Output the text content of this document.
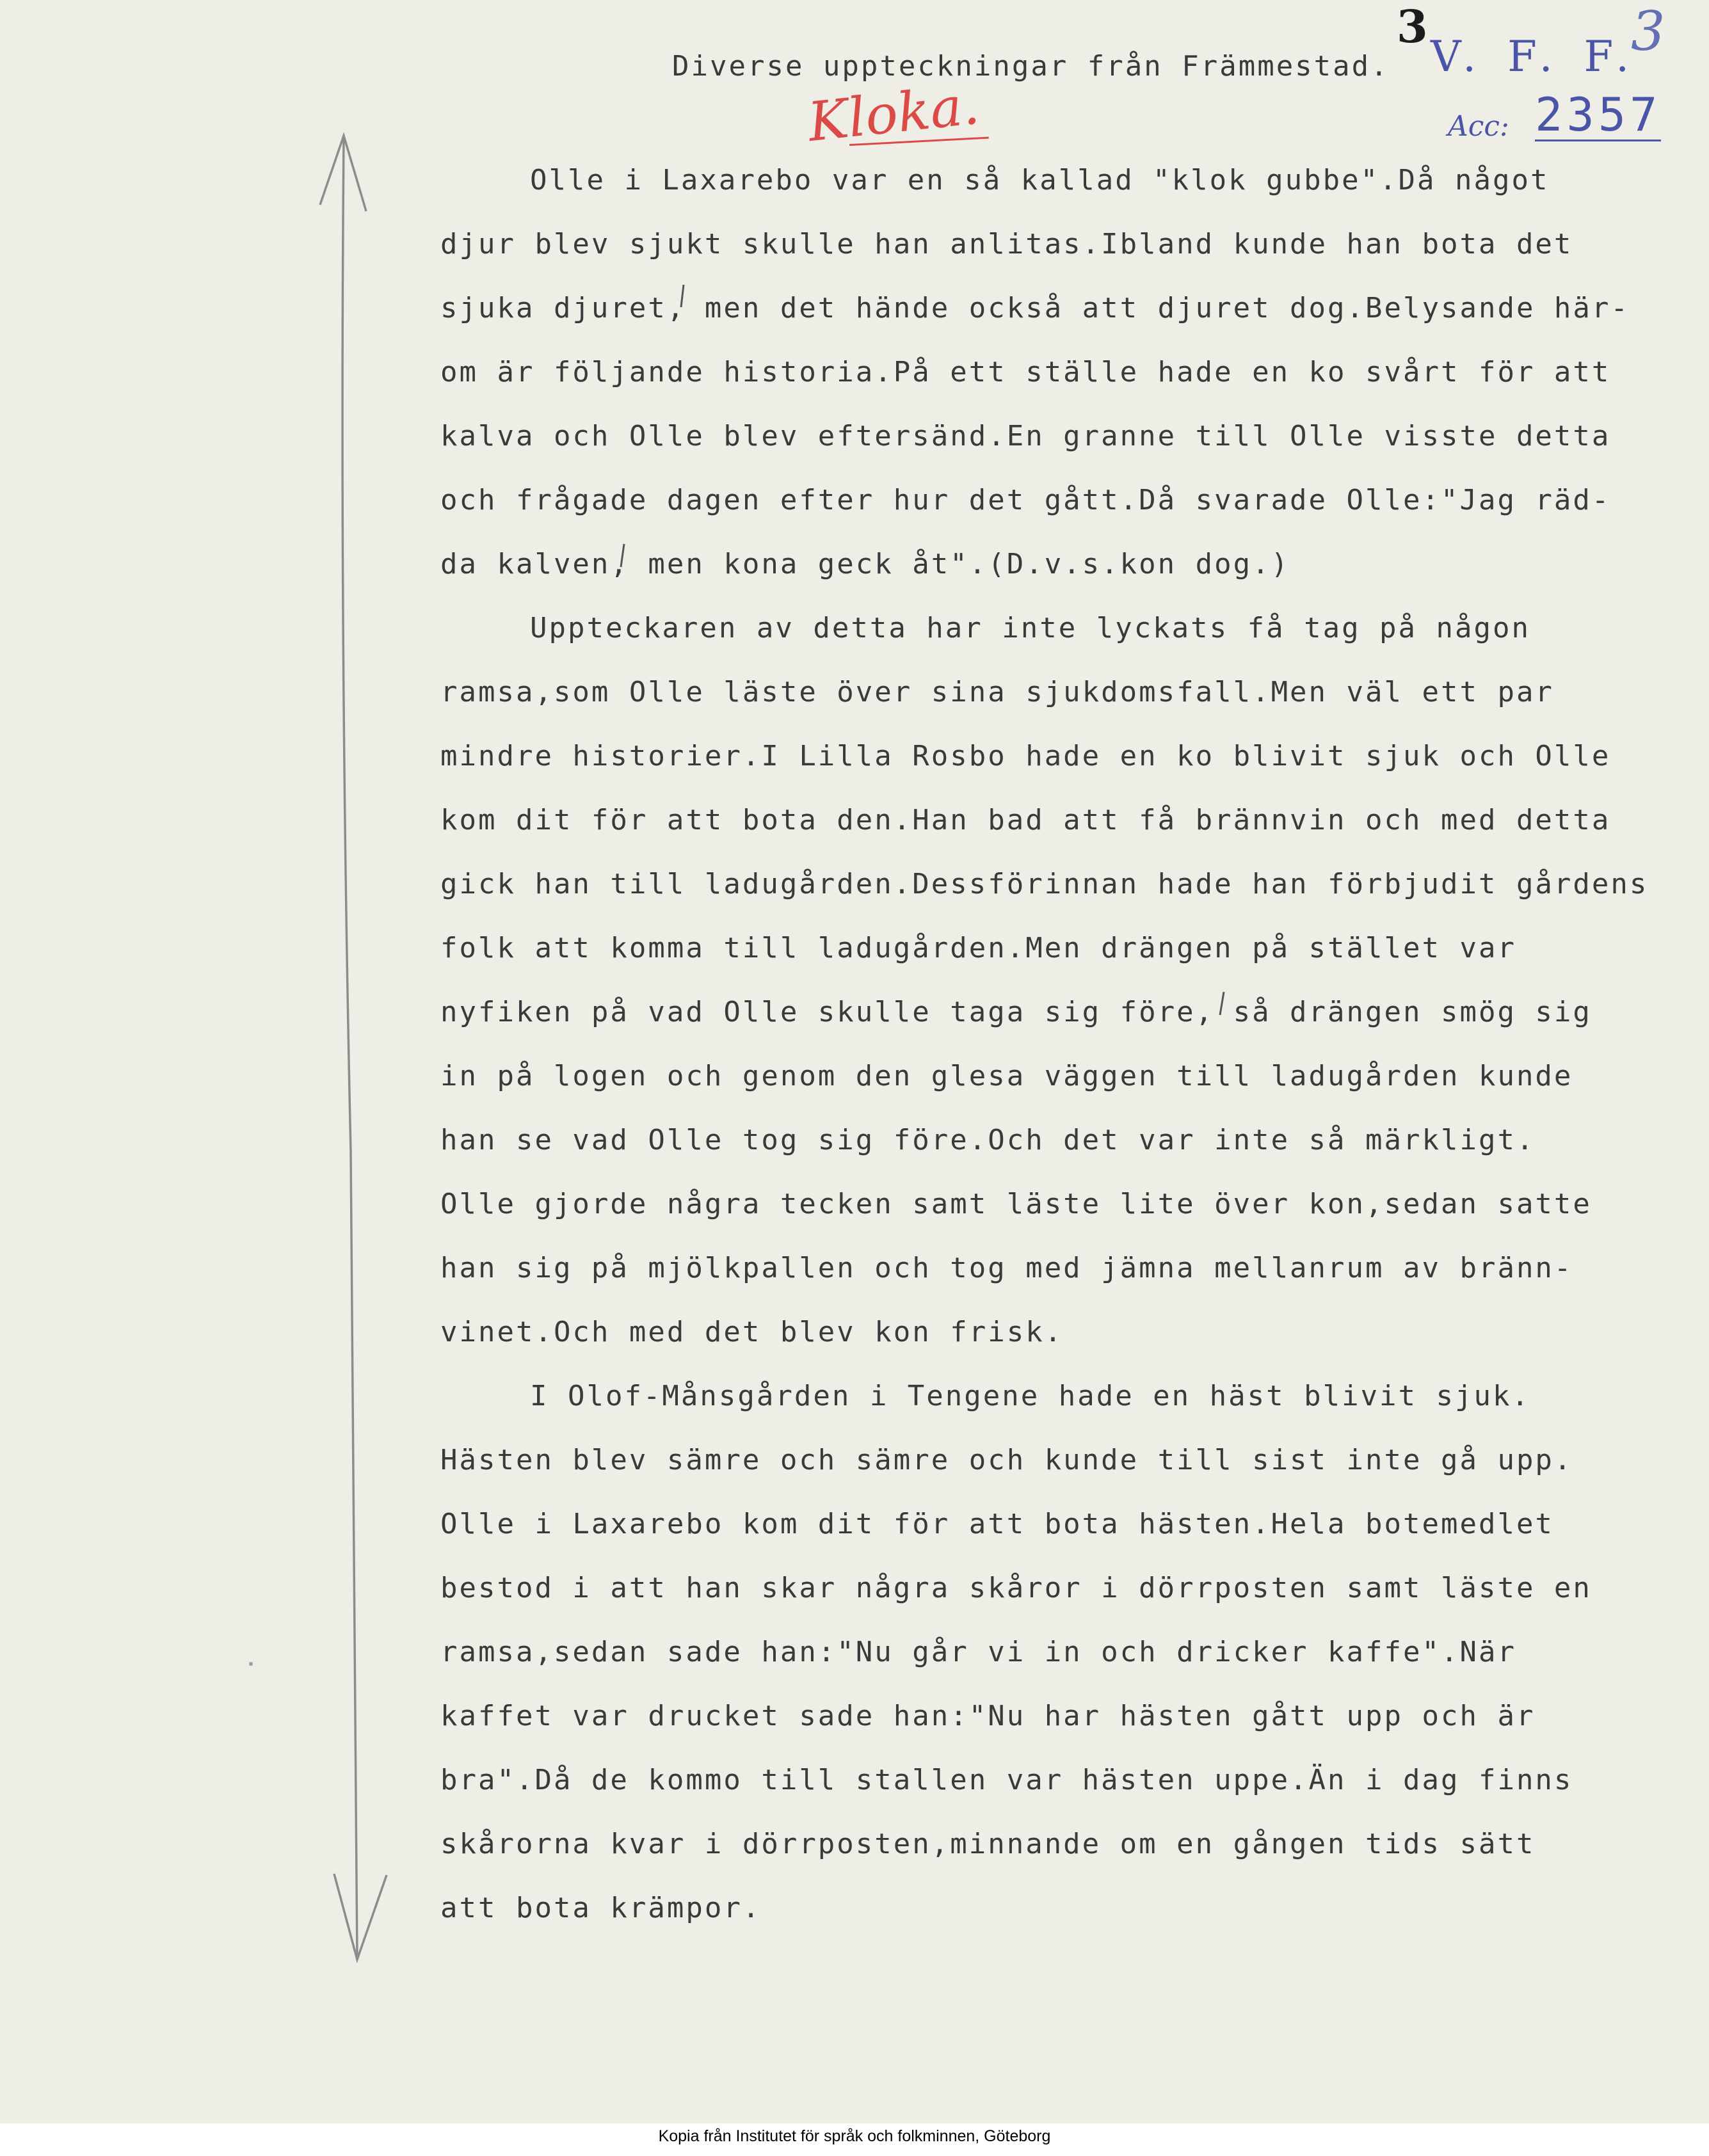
3
Diverse uppteckningar från Främmestad. V. F. F.
Acc: 2357
3
Kloka.
Olle i Laxarebo var en så kallad "klok gubbe".Då något
djur blev sjukt skulle han anlitas.Ibland kunde han bota det
sjuka djuret, men det hände också att djuret dog.Belysande här-
om är följande historia.På ett ställe hade en ko svårt för att
kalva och Olle blev eftersänd.En granne till Olle visste detta
och frågade dagen efter hur det gått.Då svarade Olle:"Jag räd-
da kalven, men kona geck åt".(D.v.s.kon dog.)
Uppteckaren av detta har inte lyckats få tag på någon
ramsa,som Olle läste över sina sjukdomsfall.Men väl ett par
mindre historier.I Lilla Rosbo hade en ko blivit sjuk och Olle
kom dit för att bota den.Han bad att få brännvin och med detta
gick han till ladugården.Dessförinnan hade han förbjudit gårdens
folk att komma till ladugården.Men drängen på stället var
nyfiken på vad Olle skulle taga sig före, så drängen smög sig
in på logen och genom den glesa väggen till ladugården kunde
han se vad Olle tog sig före.Och det var inte så märkligt.
Olle gjorde några tecken samt läste lite över kon,sedan satte
han sig på mjölkpallen och tog med jämna mellanrum av bränn-
vinet.Och med det blev kon frisk.
I Olof-Månsgården i Tengene hade en häst blivit sjuk.
Hästen blev sämre och sämre och kunde till sist inte gå upp.
Olle i Laxarebo kom dit för att bota hästen.Hela botemedlet
bestod i att han skar några skåror i dörrposten samt läste en
ramsa,sedan sade han:"Nu går vi in och dricker kaffe".När
kaffet var drucket sade han:"Nu har hästen gått upp och är
bra".Då de kommo till stallen var hästen uppe.Än i dag finns
skårorna kvar i dörrposten,minnande om en gången tids sätt
att bota krämpor.
Kopia från Institutet för språk och folkminnen, Göteborg
